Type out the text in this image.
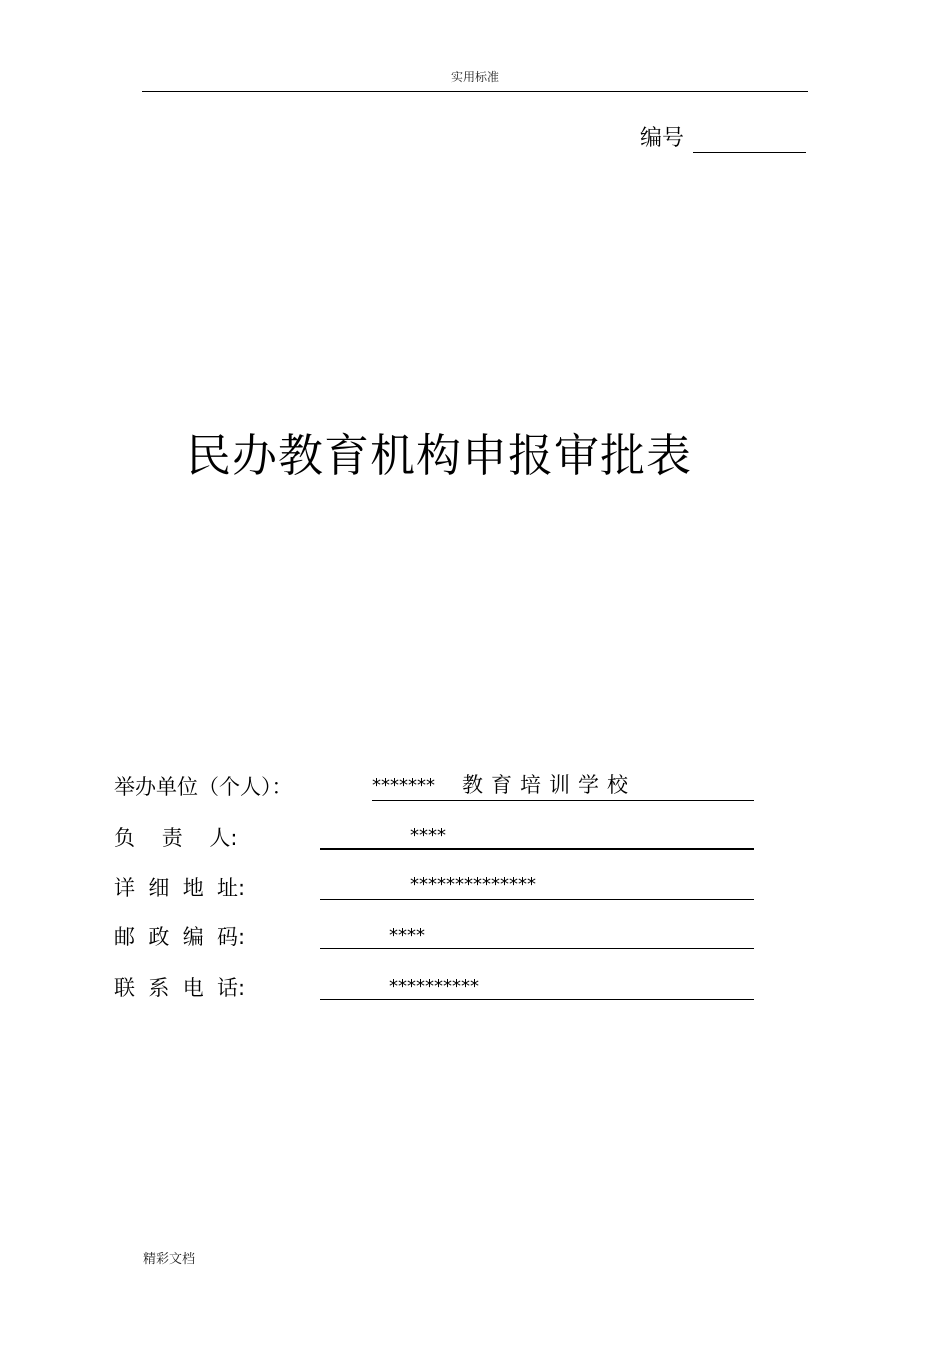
实用标准
编号
民办教育机构申报审批表
举办单位（个人）：	******* 教育培训学校
负    责    人:	****
详  细  地  址:	**************
邮  政  编  码:	****
联  系  电  话:	**********
精彩文档
